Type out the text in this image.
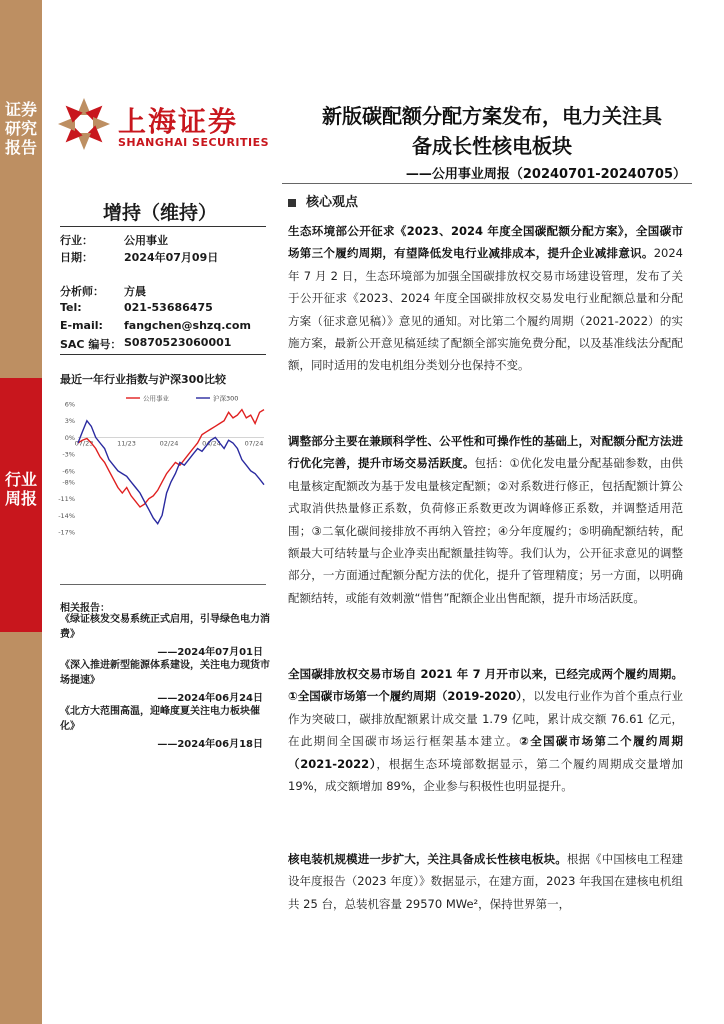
证券研究报告
行业周报
上海证券
SHANGHAI SECURITIES
新版碳配额分配方案发布，电力关注具
备成长性核电板块
——公用事业周报（20240701-20240705）
增持（维持）
行业：	公用事业
日期：	2024年07月09日
分析师： 方晨
Tel:	021-53686475
E-mail: fangchen@shzq.com
SAC 编号： S0870523060001
最近一年行业指数与沪深300比较
6%
3%
0%
-3%
-6%
-8%
-11%
-14%
-17%
07/23	11/23	02/24	04/24	07/24
公用事业	沪深300
相关报告：
《绿证核发交易系统正式启用，引导绿色电力消费》
——2024年07月01日
《深入推进新型能源体系建设，关注电力现货市场提速》
——2024年06月24日
《北方大范围高温，迎峰度夏关注电力板块催化》
——2024年06月18日
核心观点
生态环境部公开征求《2023、2024 年度全国碳配额分配方案》，全国碳市场第三个履约周期，有望降低发电行业减排成本，提升企业减排意识。2024 年 7 月 2 日，生态环境部为加强全国碳排放权交易市场建设管理，发布了关于公开征求《2023、2024 年度全国碳排放权交易发电行业配额总量和分配方案（征求意见稿）》意见的通知。对比第二个履约周期（2021-2022）的实施方案，最新公开意见稿延续了配额全部实施免费分配，以及基准线法分配配额，同时适用的发电机组分类划分也保持不变。
调整部分主要在兼顾科学性、公平性和可操作性的基础上，对配额分配方法进行优化完善，提升市场交易活跃度。包括：①优化发电量分配基础参数，由供电量核定配额改为基于发电量核定配额；②对系数进行修正，包括配额计算公式取消供热量修正系数，负荷修正系数更改为调峰修正系数，并调整适用范围；③二氧化碳间接排放不再纳入管控；④分年度履约；⑤明确配额结转，配额最大可结转量与企业净卖出配额量挂钩等。我们认为，公开征求意见的调整部分，一方面通过配额分配方法的优化，提升了管理精度；另一方面，以明确配额结转，或能有效刺激“惜售”配额企业出售配额，提升市场活跃度。
全国碳排放权交易市场自 2021 年 7 月开市以来，已经完成两个履约周期。①全国碳市场第一个履约周期（2019-2020），以发电行业作为首个重点行业作为突破口，碳排放配额累计成交量 1.79 亿吨，累计成交额 76.61 亿元，在此期间全国碳市场运行框架基本建立。②全国碳市场第二个履约周期（2021-2022），根据生态环境部数据显示，第二个履约周期成交量增加 19%，成交额增加 89%，企业参与积极性也明显提升。
核电装机规模进一步扩大，关注具备成长性核电板块。根据《中国核电工程建设年度报告（2023 年度）》数据显示，在建方面，2023 年我国在建核电机组共 25 台，总装机容量 29570 MWe²，保持世界第一，
